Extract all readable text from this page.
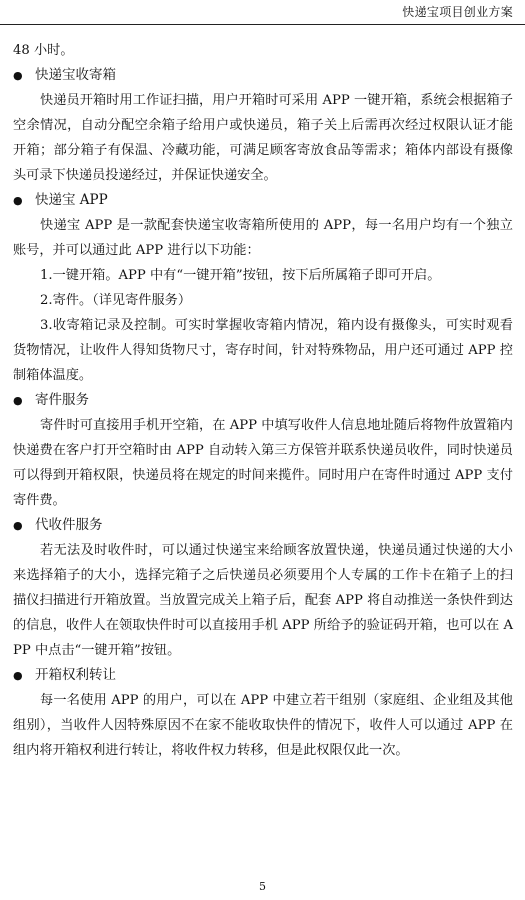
快递宝项目创业方案

48 小时。

● 快递宝收寄箱

快递员开箱时用工作证扫描，用户开箱时可采用 APP 一键开箱，系统会根据箱子空余情况，自动分配空余箱子给用户或快递员，箱子关上后需再次经过权限认证才能开箱；部分箱子有保温、冷藏功能，可满足顾客寄放食品等需求；箱体内部设有摄像头可录下快递员投递经过，并保证快递安全。

● 快递宝 APP

快递宝 APP 是一款配套快递宝收寄箱所使用的 APP，每一名用户均有一个独立账号，并可以通过此 APP 进行以下功能：

1.一键开箱。APP 中有“一键开箱”按钮，按下后所属箱子即可开启。

2.寄件。（详见寄件服务）

3.收寄箱记录及控制。可实时掌握收寄箱内情况，箱内设有摄像头，可实时观看货物情况，让收件人得知货物尺寸，寄存时间，针对特殊物品，用户还可通过 APP 控制箱体温度。

● 寄件服务

寄件时可直接用手机开空箱，在 APP 中填写收件人信息地址随后将物件放置箱内快递费在客户打开空箱时由 APP 自动转入第三方保管并联系快递员收件，同时快递员可以得到开箱权限，快递员将在规定的时间来揽件。同时用户在寄件时通过 APP 支付寄件费。

● 代收件服务

若无法及时收件时，可以通过快递宝来给顾客放置快递，快递员通过快递的大小来选择箱子的大小，选择完箱子之后快递员必须要用个人专属的工作卡在箱子上的扫描仪扫描进行开箱放置。当放置完成关上箱子后，配套 APP 将自动推送一条快件到达的信息，收件人在领取快件时可以直接用手机 APP 所给予的验证码开箱，也可以在 APP 中点击“一键开箱”按钮。

● 开箱权利转让

每一名使用 APP 的用户，可以在 APP 中建立若干组别（家庭组、企业组及其他组别），当收件人因特殊原因不在家不能收取快件的情况下，收件人可以通过 APP 在组内将开箱权利进行转让，将收件权力转移，但是此权限仅此一次。

5
